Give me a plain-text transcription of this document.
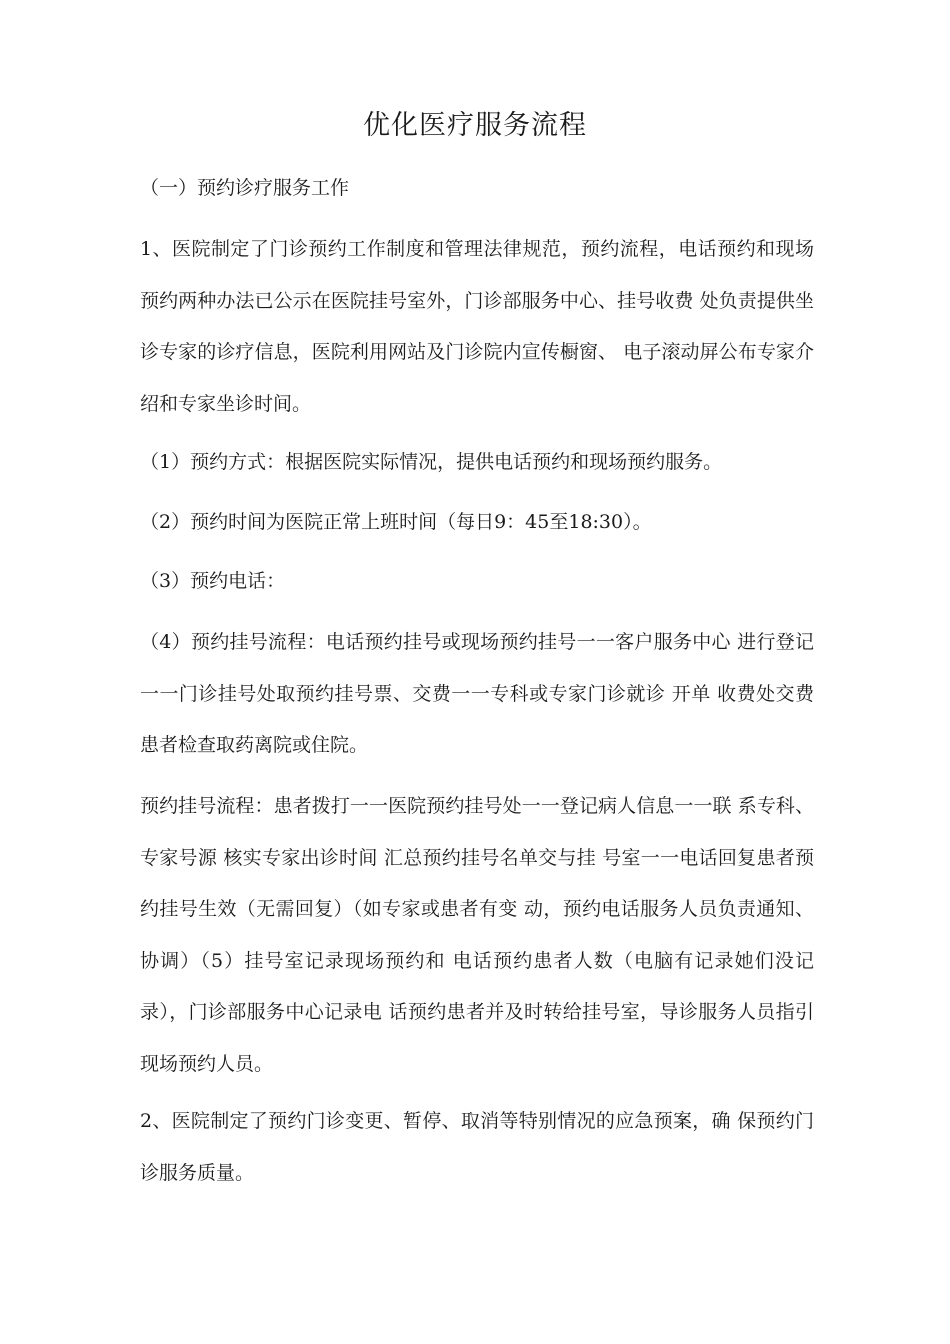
优化医疗服务流程
（一）预约诊疗服务工作
1、医院制定了门诊预约工作制度和管理法律规范，预约流程，电话预约和现场预约两种办法已公示在医院挂号室外，门诊部服务中心、挂号收费 处负责提供坐诊专家的诊疗信息，医院利用网站及门诊院内宣传橱窗、 电子滚动屏公布专家介绍和专家坐诊时间。
（1）预约方式：根据医院实际情况，提供电话预约和现场预约服务。
（2）预约时间为医院正常上班时间（每日9：45至18:30）。
（3）预约电话：
（4）预约挂号流程：电话预约挂号或现场预约挂号一一客户服务中心 进行登记一一门诊挂号处取预约挂号票、交费一一专科或专家门诊就诊 开单 收费处交费 患者检查取药离院或住院。
预约挂号流程：患者拨打一一医院预约挂号处一一登记病人信息一一联 系专科、专家号源 核实专家出诊时间 汇总预约挂号名单交与挂 号室一一电话回复患者预约挂号生效（无需回复）（如专家或患者有变 动，预约电话服务人员负责通知、协调）（5）挂号室记录现场预约和 电话预约患者人数（电脑有记录她们没记录），门诊部服务中心记录电 话预约患者并及时转给挂号室，导诊服务人员指引现场预约人员。
2、医院制定了预约门诊变更、暂停、取消等特别情况的应急预案，确 保预约门诊服务质量。
